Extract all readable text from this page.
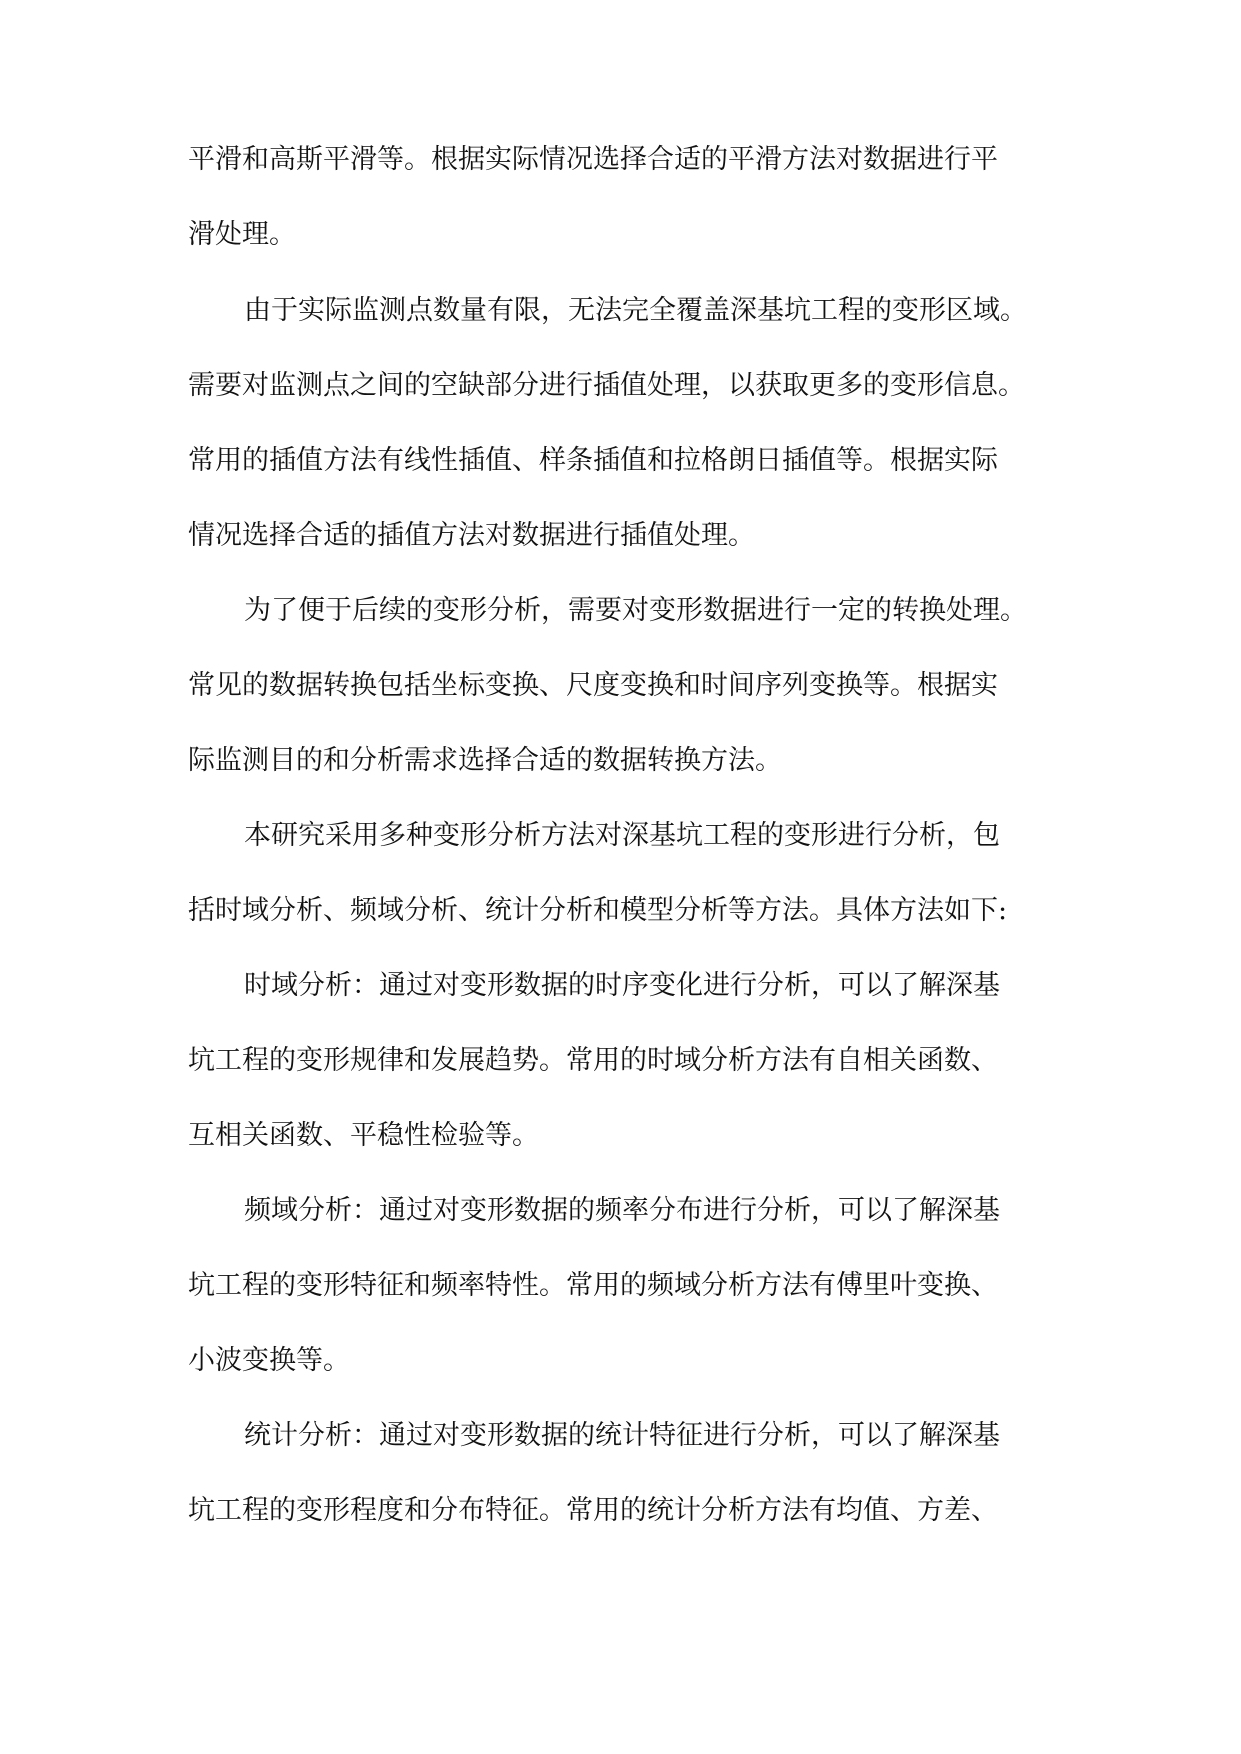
平滑和高斯平滑等。根据实际情况选择合适的平滑方法对数据进行平

滑处理。

由于实际监测点数量有限，无法完全覆盖深基坑工程的变形区域。

需要对监测点之间的空缺部分进行插值处理，以获取更多的变形信息。

常用的插值方法有线性插值、样条插值和拉格朗日插值等。根据实际

情况选择合适的插值方法对数据进行插值处理。

为了便于后续的变形分析，需要对变形数据进行一定的转换处理。

常见的数据转换包括坐标变换、尺度变换和时间序列变换等。根据实

际监测目的和分析需求选择合适的数据转换方法。

本研究采用多种变形分析方法对深基坑工程的变形进行分析，包

括时域分析、频域分析、统计分析和模型分析等方法。具体方法如下:

时域分析：通过对变形数据的时序变化进行分析，可以了解深基

坑工程的变形规律和发展趋势。常用的时域分析方法有自相关函数、

互相关函数、平稳性检验等。

频域分析：通过对变形数据的频率分布进行分析，可以了解深基

坑工程的变形特征和频率特性。常用的频域分析方法有傅里叶变换、

小波变换等。

统计分析：通过对变形数据的统计特征进行分析，可以了解深基

坑工程的变形程度和分布特征。常用的统计分析方法有均值、方差、
